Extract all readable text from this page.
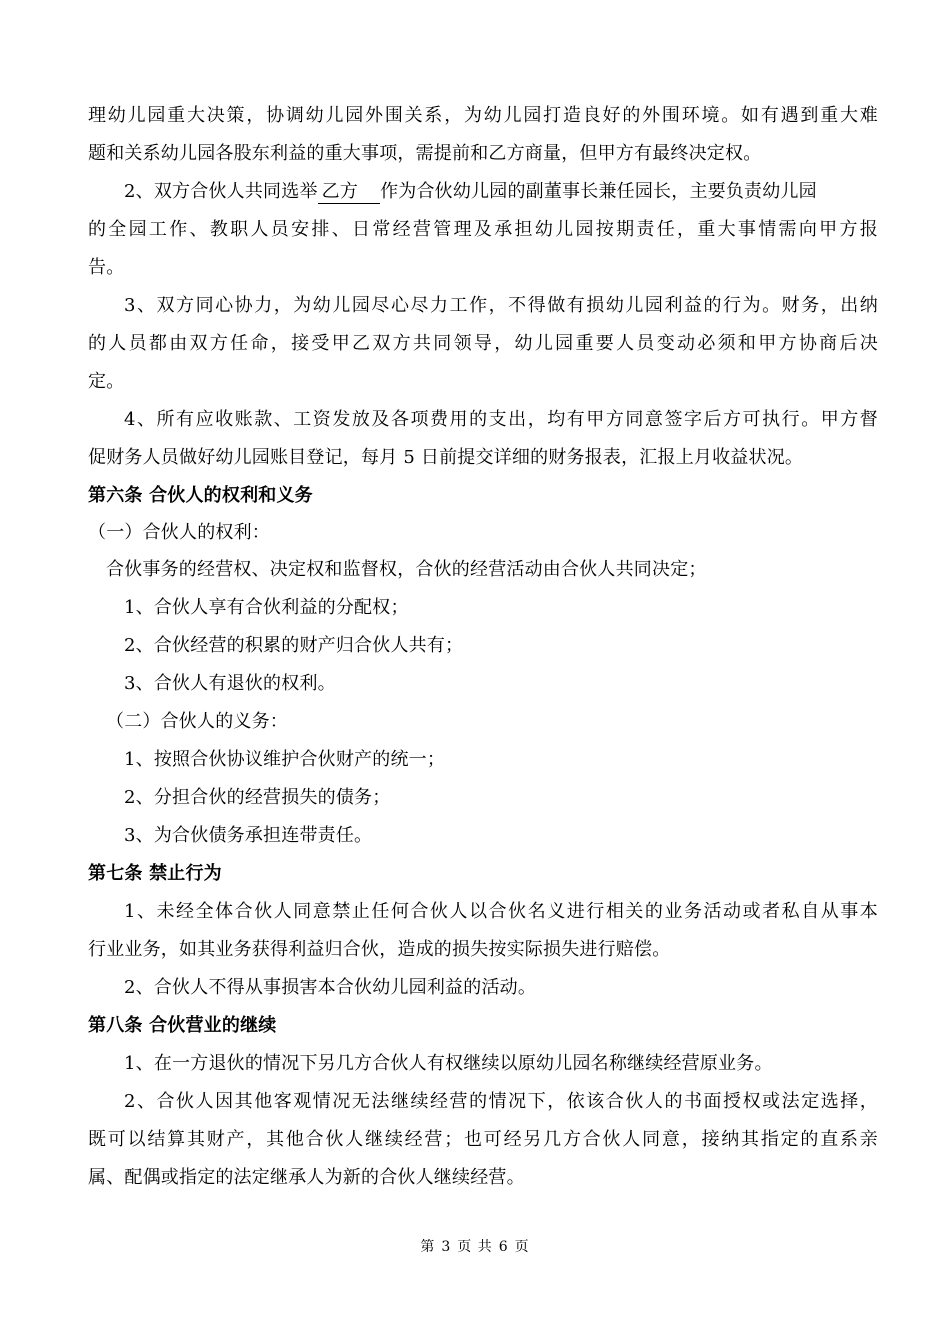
理幼儿园重大决策，协调幼儿园外围关系，为幼儿园打造良好的外围环境。如有遇到重大难
题和关系幼儿园各股东利益的重大事项，需提前和乙方商量，但甲方有最终决定权。
2、双方合伙人共同选举 乙方 作为合伙幼儿园的副董事长兼任园长，主要负责幼儿园
的全园工作、教职人员安排、日常经营管理及承担幼儿园按期责任，重大事情需向甲方报
告。
3、双方同心协力，为幼儿园尽心尽力工作，不得做有损幼儿园利益的行为。财务，出纳
的人员都由双方任命，接受甲乙双方共同领导，幼儿园重要人员变动必须和甲方协商后决
定。
4、所有应收账款、工资发放及各项费用的支出，均有甲方同意签字后方可执行。甲方督
促财务人员做好幼儿园账目登记，每月 5 日前提交详细的财务报表，汇报上月收益状况。
第六条 合伙人的权利和义务
（一）合伙人的权利：
合伙事务的经营权、决定权和监督权，合伙的经营活动由合伙人共同决定；
1、合伙人享有合伙利益的分配权；
2、合伙经营的积累的财产归合伙人共有；
3、合伙人有退伙的权利。
（二）合伙人的义务：
1、按照合伙协议维护合伙财产的统一；
2、分担合伙的经营损失的债务；
3、为合伙债务承担连带责任。
第七条 禁止行为
1、未经全体合伙人同意禁止任何合伙人以合伙名义进行相关的业务活动或者私自从事本
行业业务，如其业务获得利益归合伙，造成的损失按实际损失进行赔偿。
2、合伙人不得从事损害本合伙幼儿园利益的活动。
第八条 合伙营业的继续
1、在一方退伙的情况下另几方合伙人有权继续以原幼儿园名称继续经营原业务。
2、合伙人因其他客观情况无法继续经营的情况下，依该合伙人的书面授权或法定选择，
既可以结算其财产，其他合伙人继续经营；也可经另几方合伙人同意，接纳其指定的直系亲
属、配偶或指定的法定继承人为新的合伙人继续经营。
第 3 页 共 6 页
